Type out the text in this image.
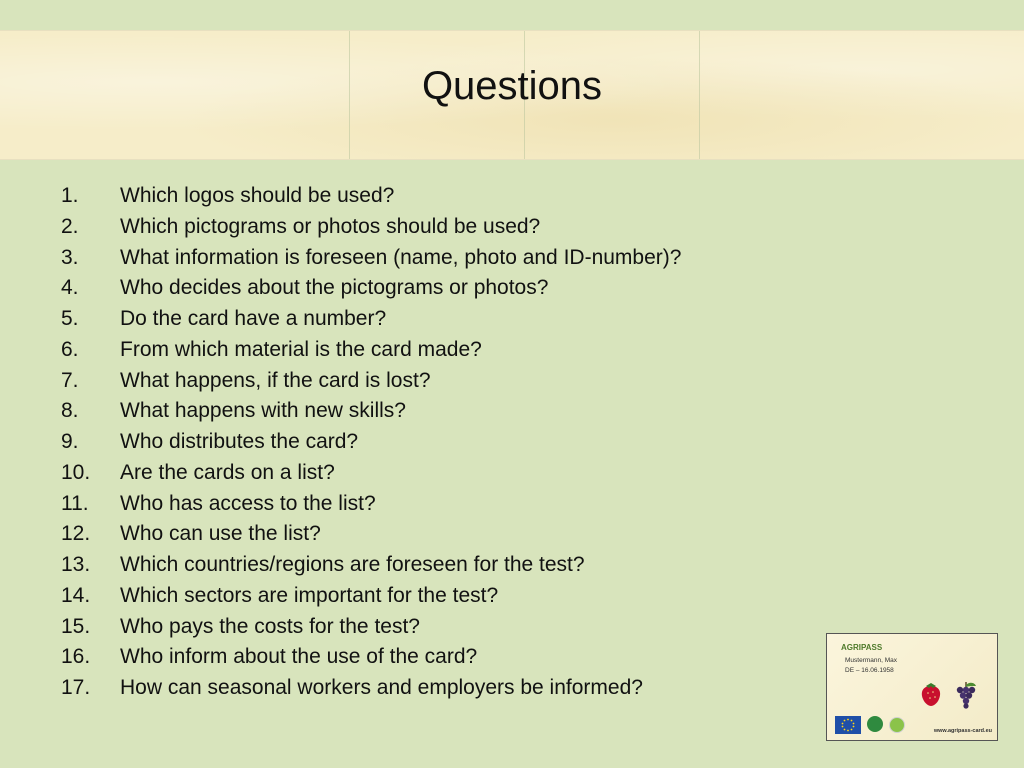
Questions
1. Which logos should be used?
2. Which pictograms or photos should be used?
3. What information is foreseen (name, photo and ID-number)?
4. Who decides about the pictograms or photos?
5. Do the card have a number?
6. From which material is the card made?
7. What happens, if the card is lost?
8. What happens with new skills?
9. Who distributes the card?
10. Are the cards on a list?
11. Who has access to the list?
12. Who can use the list?
13. Which countries/regions are foreseen for the test?
14. Which sectors are important for the test?
15. Who pays the costs for the test?
16. Who inform about the use of the card?
17. How can seasonal workers and employers be informed?
AGRIPASS
Mustermann, Max
DE – 16.06.1958
www.agripass-card.eu
